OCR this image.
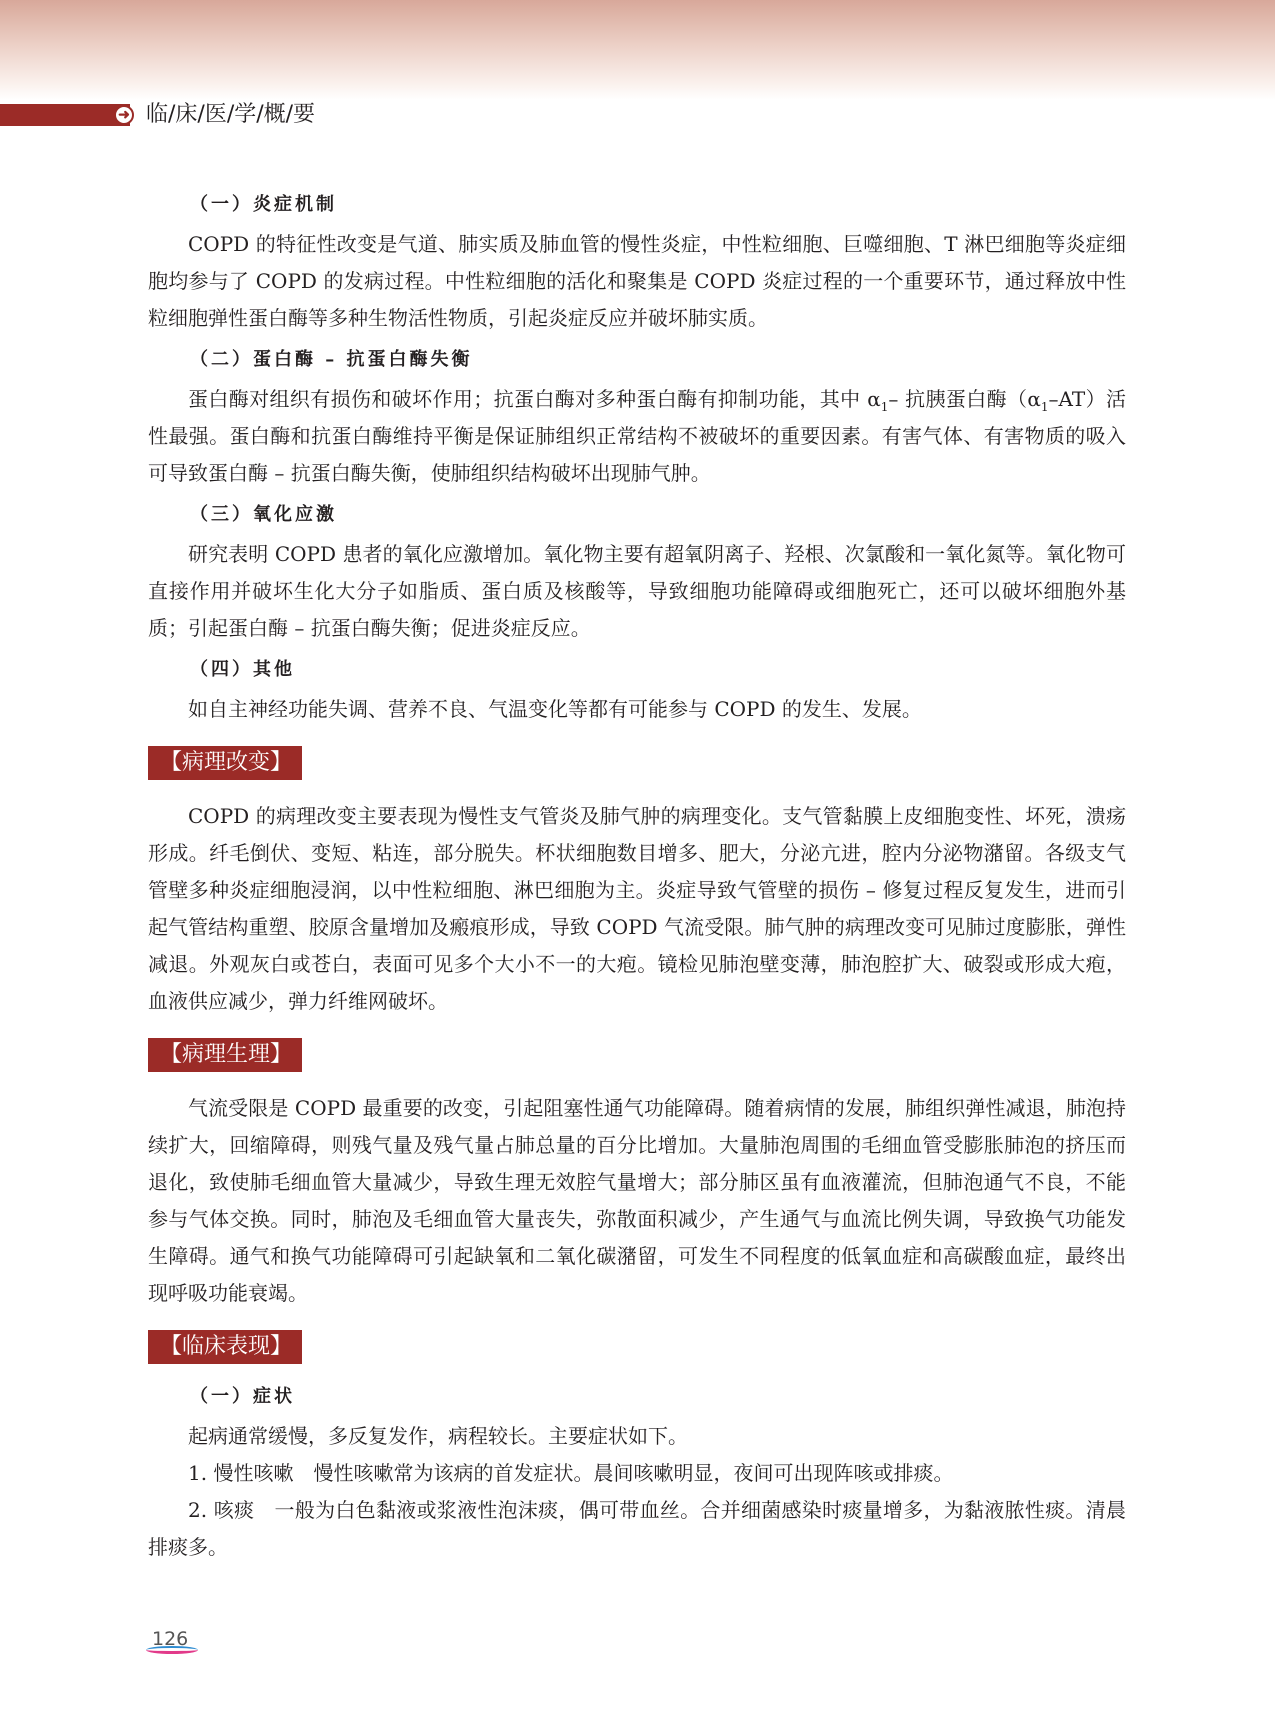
➜ 临/床/医/学/概/要
（一）炎症机制

COPD 的特征性改变是气道、肺实质及肺血管的慢性炎症，中性粒细胞、巨噬细胞、T 淋巴细胞等炎症细胞均参与了 COPD 的发病过程。中性粒细胞的活化和聚集是 COPD 炎症过程的一个重要环节，通过释放中性粒细胞弹性蛋白酶等多种生物活性物质，引起炎症反应并破坏肺实质。

（二）蛋白酶 – 抗蛋白酶失衡

蛋白酶对组织有损伤和破坏作用；抗蛋白酶对多种蛋白酶有抑制功能，其中 $\alpha_1-$ 抗胰蛋白酶$(\alpha_1-AT)$活性最强。蛋白酶和抗蛋白酶维持平衡是保证肺组织正常结构不被破坏的重要因素。有害气体、有害物质的吸入可导致蛋白酶 – 抗蛋白酶失衡，使肺组织结构破坏出现肺气肿。

（三）氧化应激

研究表明 COPD 患者的氧化应激增加。氧化物主要有超氧阴离子、羟根、次氯酸和一氧化氮等。氧化物可直接作用并破坏生化大分子如脂质、蛋白质及核酸等，导致细胞功能障碍或细胞死亡，还可以破坏细胞外基质；引起蛋白酶 – 抗蛋白酶失衡；促进炎症反应。

（四）其他

如自主神经功能失调、营养不良、气温变化等都有可能参与 COPD 的发生、发展。

【病理改变】

COPD 的病理改变主要表现为慢性支气管炎及肺气肿的病理变化。支气管黏膜上皮细胞变性、坏死，溃疡形成。纤毛倒伏、变短、粘连，部分脱失。杯状细胞数目增多、肥大，分泌亢进，腔内分泌物潴留。各级支气管壁多种炎症细胞浸润，以中性粒细胞、淋巴细胞为主。炎症导致气管壁的损伤 – 修复过程反复发生，进而引起气管结构重塑、胶原含量增加及瘢痕形成，导致 COPD 气流受限。肺气肿的病理改变可见肺过度膨胀，弹性减退。外观灰白或苍白，表面可见多个大小不一的大疱。镜检见肺泡壁变薄，肺泡腔扩大、破裂或形成大疱，血液供应减少，弹力纤维网破坏。

【病理生理】

气流受限是 COPD 最重要的改变，引起阻塞性通气功能障碍。随着病情的发展，肺组织弹性减退，肺泡持续扩大，回缩障碍，则残气量及残气量占肺总量的百分比增加。大量肺泡周围的毛细血管受膨胀肺泡的挤压而退化，致使肺毛细血管大量减少，导致生理无效腔气量增大；部分肺区虽有血液灌流，但肺泡通气不良，不能参与气体交换。同时，肺泡及毛细血管大量丧失，弥散面积减少，产生通气与血流比例失调，导致换气功能发生障碍。通气和换气功能障碍可引起缺氧和二氧化碳潴留，可发生不同程度的低氧血症和高碳酸血症，最终出现呼吸功能衰竭。

【临床表现】
（一）症状

起病通常缓慢，多反复发作，病程较长。主要症状如下。

1. 慢性咳嗽　慢性咳嗽常为该病的首发症状。晨间咳嗽明显，夜间可出现阵咳或排痰。

2. 咳痰　一般为白色黏液或浆液性泡沫痰，偶可带血丝。合并细菌感染时痰量增多，为黏液脓性痰。清晨排痰多。

126
